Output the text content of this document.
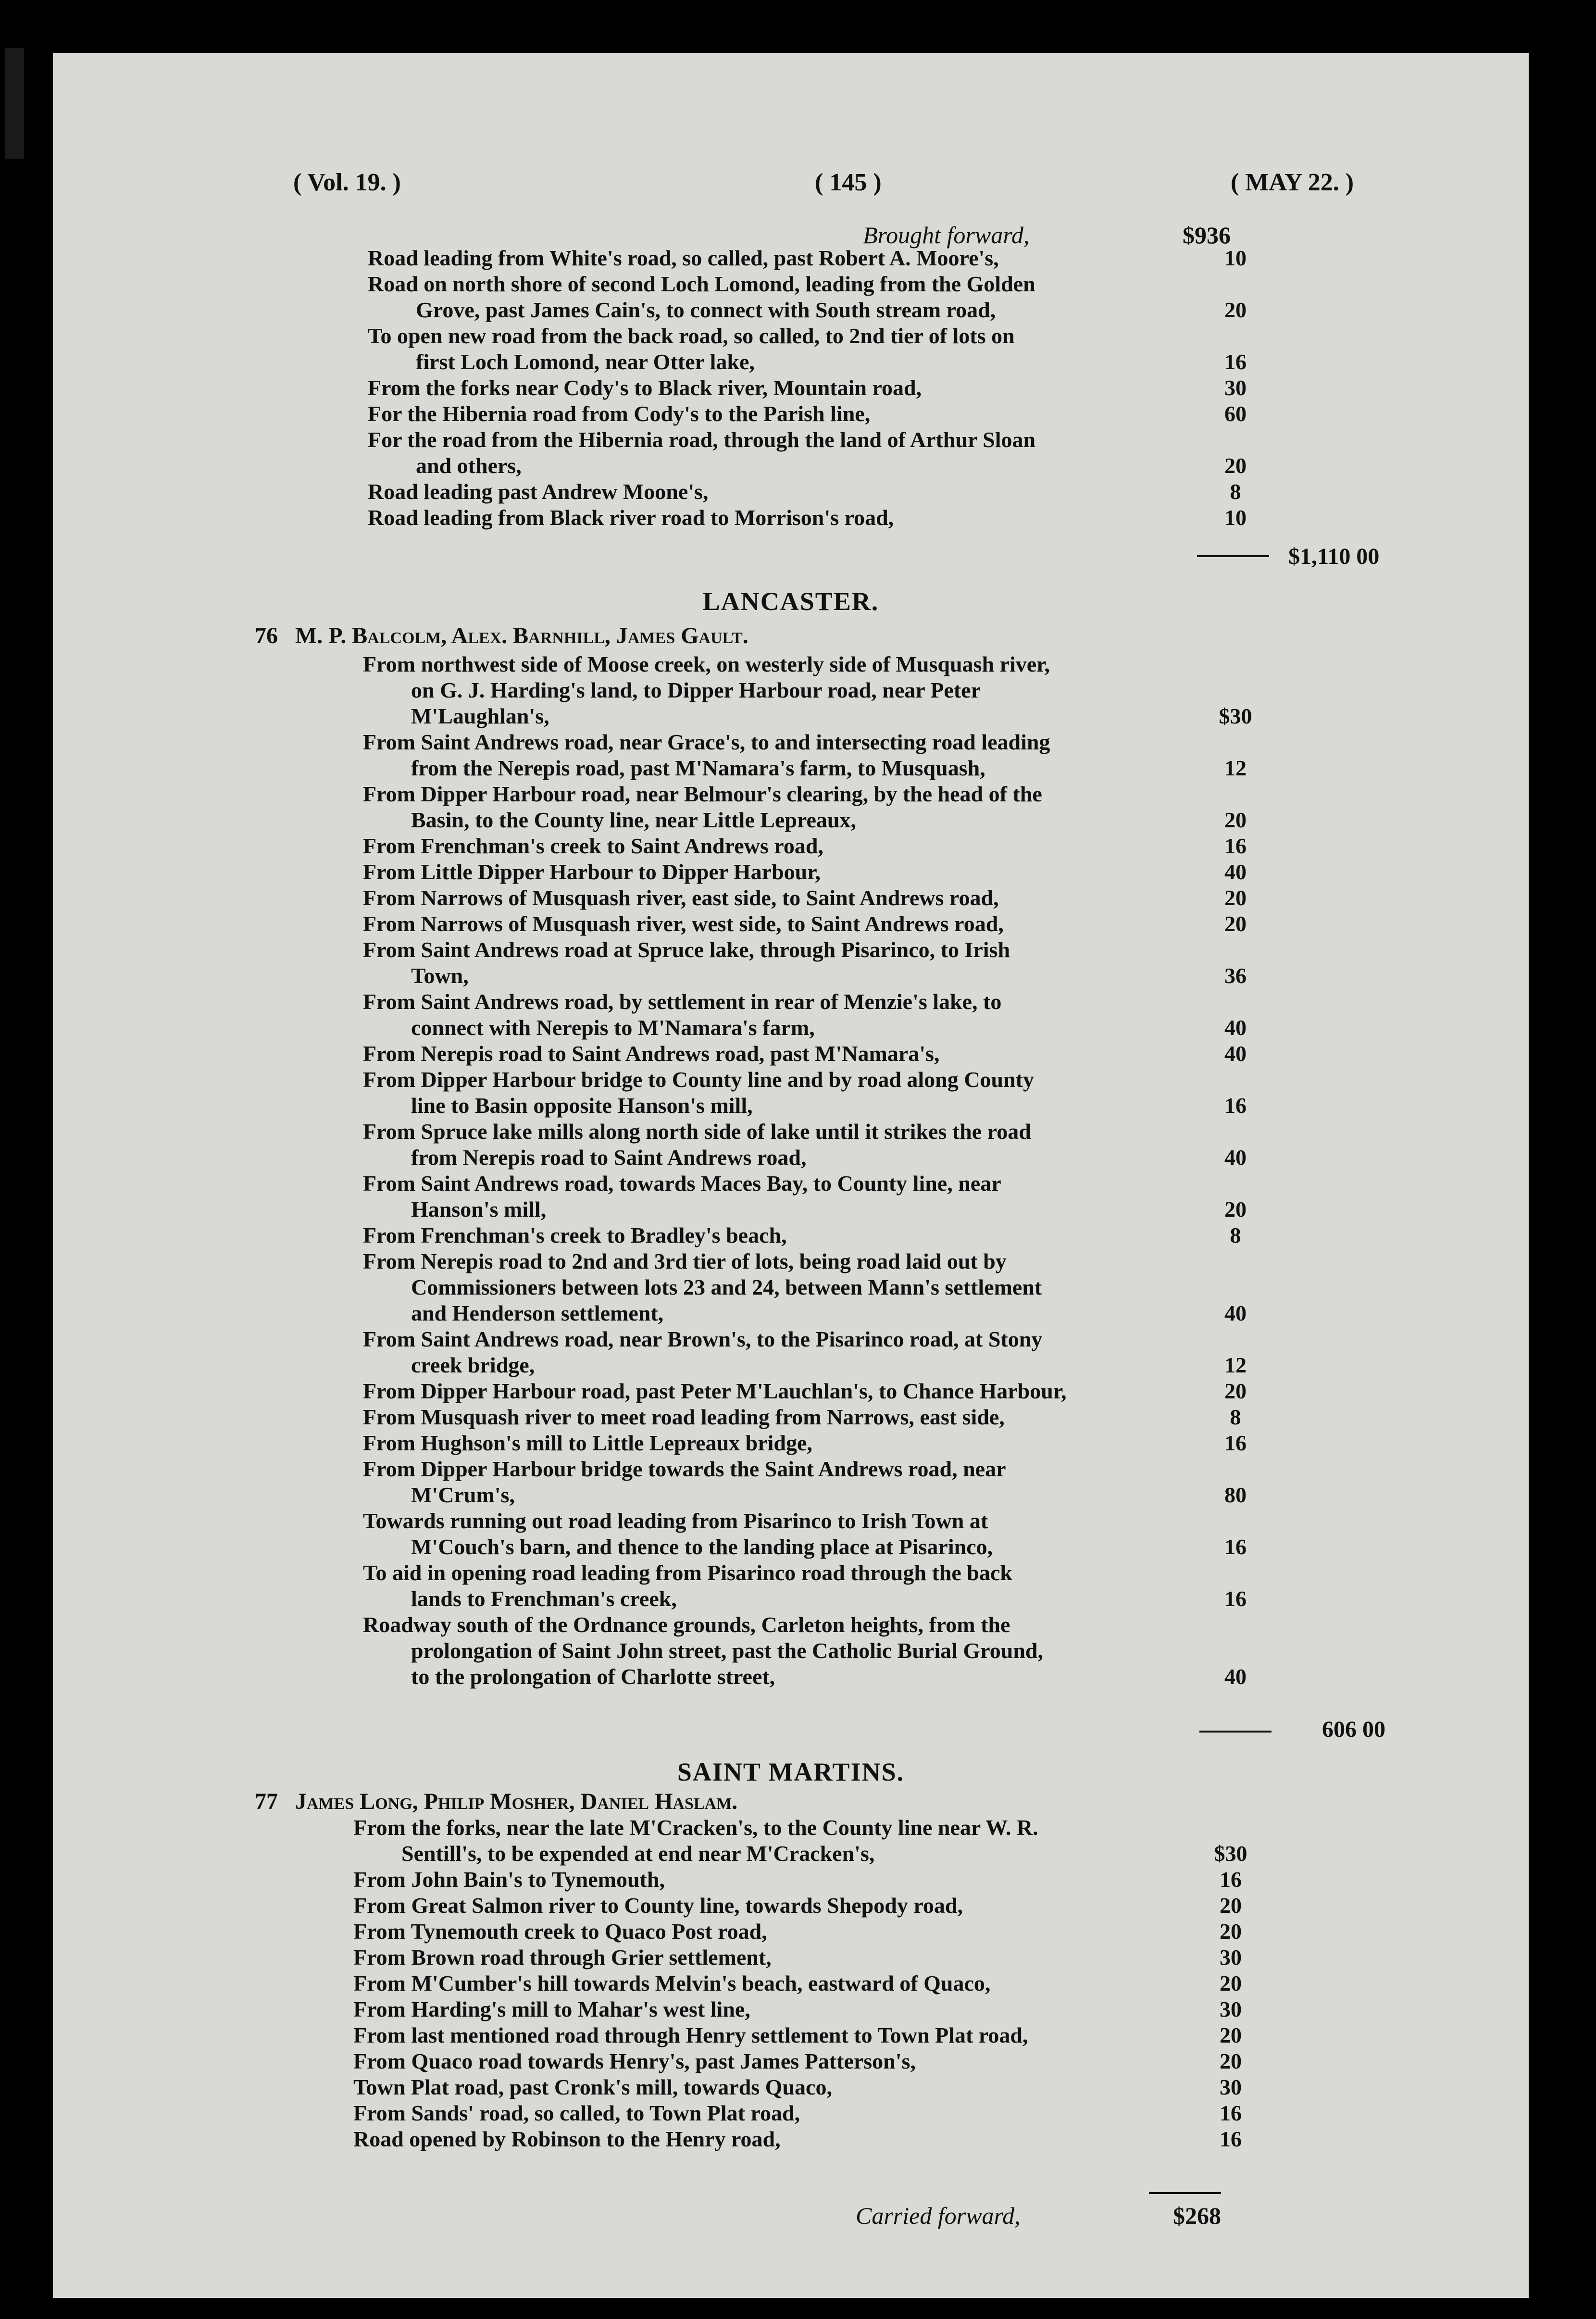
( Vol. 19. )	( 145 )	( MAY 22. )
Brought forward,	$936
Road leading from White's road, so called, past Robert A. Moore's,	10
Road on north shore of second Loch Lomond, leading from the Golden
Grove, past James Cain's, to connect with South stream road,	20
To open new road from the back road, so called, to 2nd tier of lots on
first Loch Lomond, near Otter lake,	16
From the forks near Cody's to Black river, Mountain road,	30
For the Hibernia road from Cody's to the Parish line,	60
For the road from the Hibernia road, through the land of Arthur Sloan
and others,	20
Road leading past Andrew Moone's,	8
Road leading from Black river road to Morrison's road,	10
$1,110 00
LANCASTER.
76 M. P. Balcolm, Alex. Barnhill, James Gault.
From northwest side of Moose creek, on westerly side of Musquash river,
on G. J. Harding's land, to Dipper Harbour road, near Peter
M'Laughlan's,	$30
From Saint Andrews road, near Grace's, to and intersecting road leading
from the Nerepis road, past M'Namara's farm, to Musquash,	12
From Dipper Harbour road, near Belmour's clearing, by the head of the
Basin, to the County line, near Little Lepreaux,	20
From Frenchman's creek to Saint Andrews road,	16
From Little Dipper Harbour to Dipper Harbour,	40
From Narrows of Musquash river, east side, to Saint Andrews road,	20
From Narrows of Musquash river, west side, to Saint Andrews road,	20
From Saint Andrews road at Spruce lake, through Pisarinco, to Irish
Town,	36
From Saint Andrews road, by settlement in rear of Menzie's lake, to
connect with Nerepis to M'Namara's farm,	40
From Nerepis road to Saint Andrews road, past M'Namara's,	40
From Dipper Harbour bridge to County line and by road along County
line to Basin opposite Hanson's mill,	16
From Spruce lake mills along north side of lake until it strikes the road
from Nerepis road to Saint Andrews road,	40
From Saint Andrews road, towards Maces Bay, to County line, near
Hanson's mill,	20
From Frenchman's creek to Bradley's beach,	8
From Nerepis road to 2nd and 3rd tier of lots, being road laid out by
Commissioners between lots 23 and 24, between Mann's settlement
and Henderson settlement,	40
From Saint Andrews road, near Brown's, to the Pisarinco road, at Stony
creek bridge,	12
From Dipper Harbour road, past Peter M'Lauchlan's, to Chance Harbour,	20
From Musquash river to meet road leading from Narrows, east side,	8
From Hughson's mill to Little Lepreaux bridge,	16
From Dipper Harbour bridge towards the Saint Andrews road, near
M'Crum's,	80
Towards running out road leading from Pisarinco to Irish Town at
M'Couch's barn, and thence to the landing place at Pisarinco,	16
To aid in opening road leading from Pisarinco road through the back
lands to Frenchman's creek,	16
Roadway south of the Ordnance grounds, Carleton heights, from the
prolongation of Saint John street, past the Catholic Burial Ground,
to the prolongation of Charlotte street,	40
606 00
SAINT MARTINS.
77 James Long, Philip Mosher, Daniel Haslam.
From the forks, near the late M'Cracken's, to the County line near W. R.
Sentill's, to be expended at end near M'Cracken's,	$30
From John Bain's to Tynemouth,	16
From Great Salmon river to County line, towards Shepody road,	20
From Tynemouth creek to Quaco Post road,	20
From Brown road through Grier settlement,	30
From M'Cumber's hill towards Melvin's beach, eastward of Quaco,	20
From Harding's mill to Mahar's west line,	30
From last mentioned road through Henry settlement to Town Plat road,	20
From Quaco road towards Henry's, past James Patterson's,	20
Town Plat road, past Cronk's mill, towards Quaco,	30
From Sands' road, so called, to Town Plat road,	16
Road opened by Robinson to the Henry road,	16
Carried forward,	$268
